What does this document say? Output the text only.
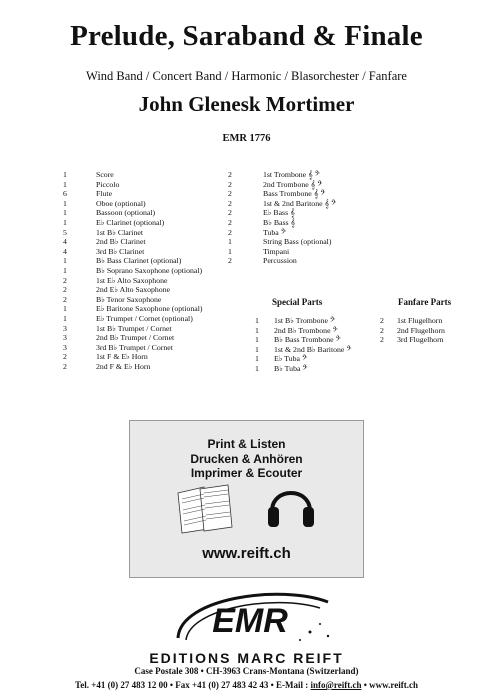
Prelude, Saraband & Finale
Wind Band / Concert Band / Harmonic / Blasorchester / Fanfare
John Glenesk Mortimer
EMR 1776
1	Score
1	Piccolo
6	Flute
1	Oboe (optional)
1	Bassoon (optional)
1	E♭ Clarinet (optional)
5	1st B♭ Clarinet
4	2nd B♭ Clarinet
4	3rd B♭ Clarinet
1	B♭ Bass Clarinet (optional)
1	B♭ Soprano Saxophone (optional)
2	1st E♭ Alto Saxophone
2	2nd E♭ Alto Saxophone
2	B♭ Tenor Saxophone
1	E♭ Baritone Saxophone (optional)
1	E♭ Trumpet / Cornet (optional)
3	1st B♭ Trumpet / Cornet
3	2nd B♭ Trumpet / Cornet
3	3rd B♭ Trumpet / Cornet
2	1st F & E♭ Horn
2	2nd F & E♭ Horn
2	1st Trombone 𝄞 𝄢
2	2nd Trombone 𝄞 𝄢
2	Bass Trombone 𝄞 𝄢
2	1st & 2nd Baritone 𝄞 𝄢
2	E♭ Bass 𝄞
2	B♭ Bass 𝄞
2	Tuba 𝄢
1	String Bass (optional)
1	Timpani
2	Percussion
Special Parts	Fanfare Parts
1	1st B♭ Trombone 𝄢
1	2nd B♭ Trombone 𝄢
1	B♭ Bass Trombone 𝄢
1	1st & 2nd B♭ Baritone 𝄢
1	E♭ Tuba 𝄢
1	B♭ Tuba 𝄢
2	1st Flugelhorn
2	2nd Flugelhorn
2	3rd Flugelhorn
Print & Listen
Drucken & Anhören
Imprimer & Ecouter
www.reift.ch
EMR
EDITIONS MARC REIFT
Case Postale 308 • CH-3963 Crans-Montana (Switzerland)
Tel. +41 (0) 27 483 12 00 • Fax +41 (0) 27 483 42 43 • E-Mail : info@reift.ch • www.reift.ch
